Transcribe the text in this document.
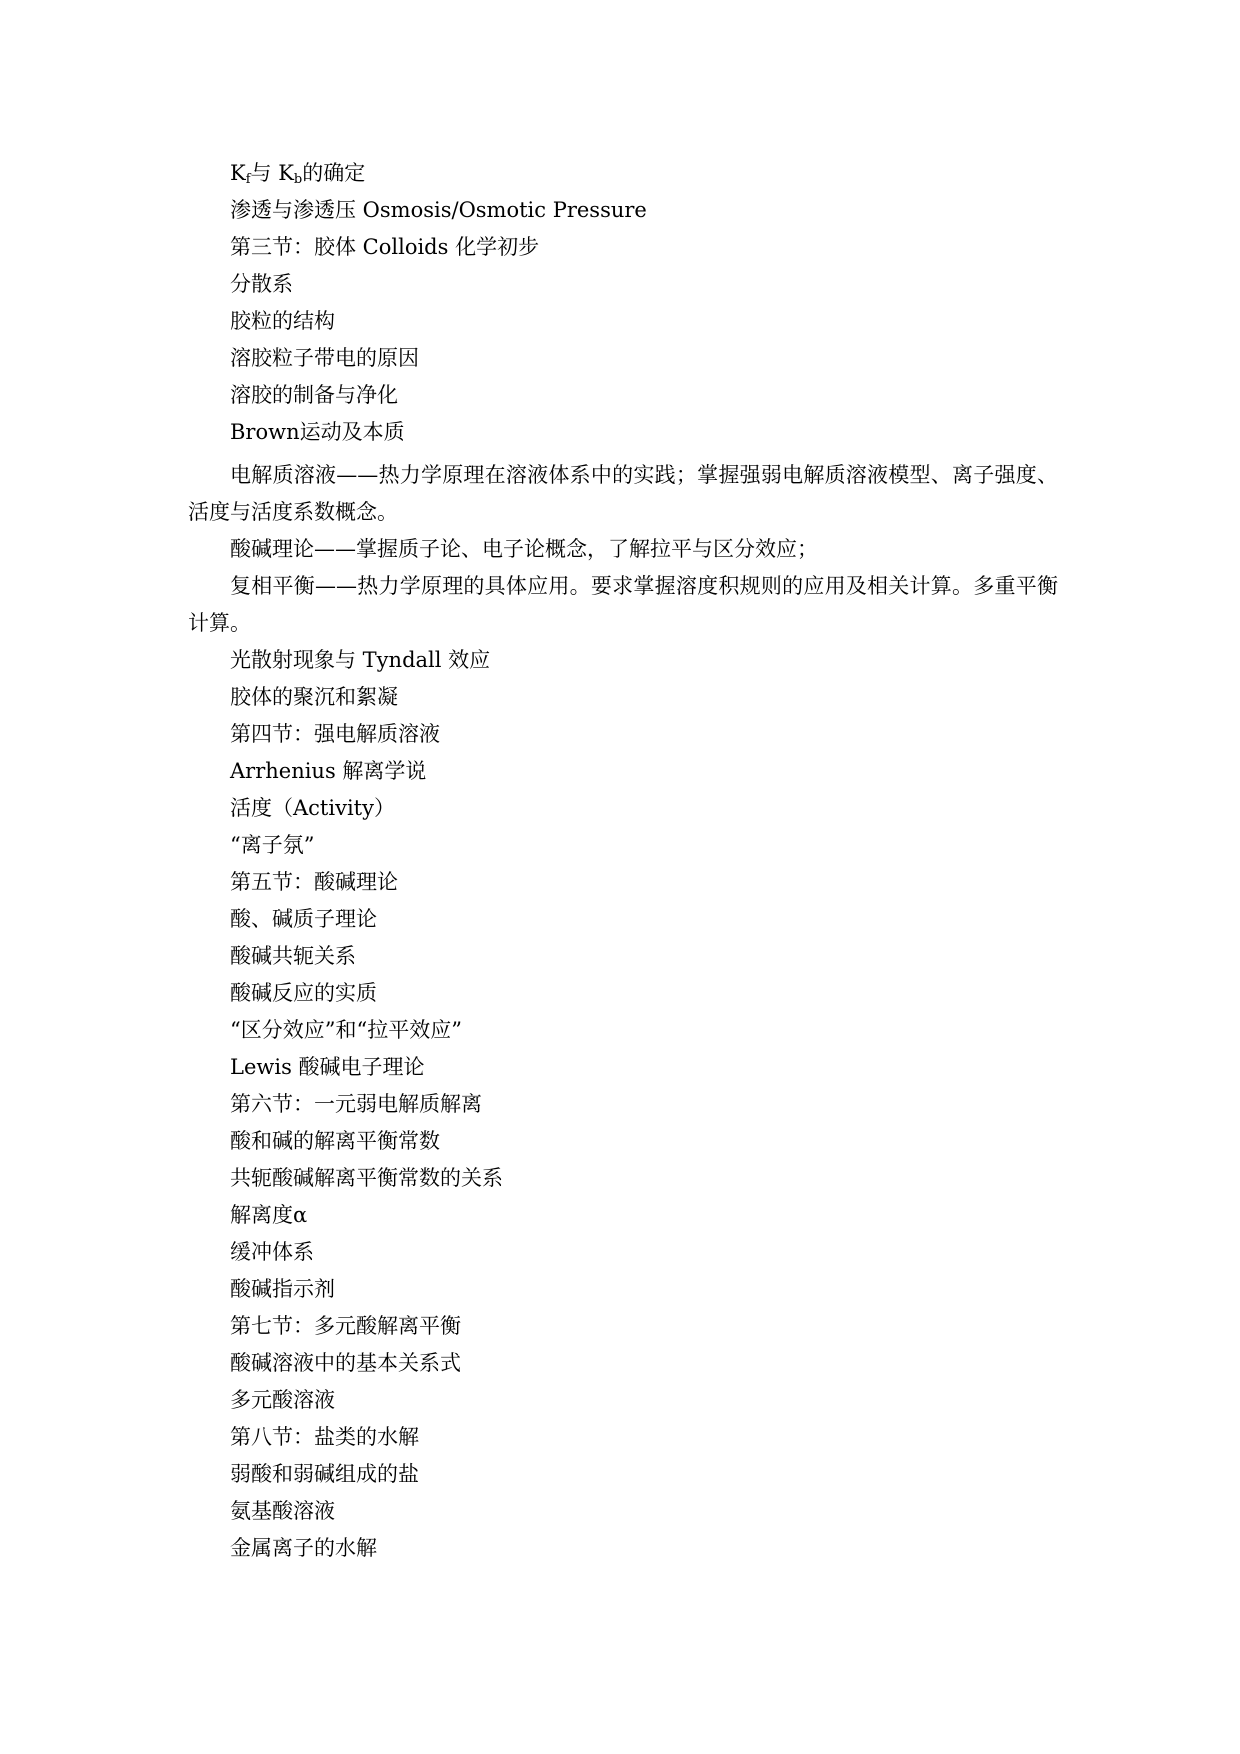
$K_f$与 $K_b$的确定
渗透与渗透压 Osmosis/Osmotic Pressure
第三节：胶体 Colloids 化学初步
分散系
胶粒的结构
溶胶粒子带电的原因
溶胶的制备与净化
Brown运动及本质
电解质溶液——热力学原理在溶液体系中的实践；掌握强弱电解质溶液模型、离子强度、活度与活度系数概念。
酸碱理论——掌握质子论、电子论概念，了解拉平与区分效应；
复相平衡——热力学原理的具体应用。要求掌握溶度积规则的应用及相关计算。多重平衡计算。
光散射现象与 Tyndall 效应
胶体的聚沉和絮凝
第四节：强电解质溶液
Arrhenius 解离学说
活度（Activity）
“离子氛”
第五节：酸碱理论
酸、碱质子理论
酸碱共轭关系
酸碱反应的实质
“区分效应”和“拉平效应”
Lewis 酸碱电子理论
第六节：一元弱电解质解离
酸和碱的解离平衡常数
共轭酸碱解离平衡常数的关系
解离度α
缓冲体系
酸碱指示剂
第七节：多元酸解离平衡
酸碱溶液中的基本关系式
多元酸溶液
第八节：盐类的水解
弱酸和弱碱组成的盐
氨基酸溶液
金属离子的水解
